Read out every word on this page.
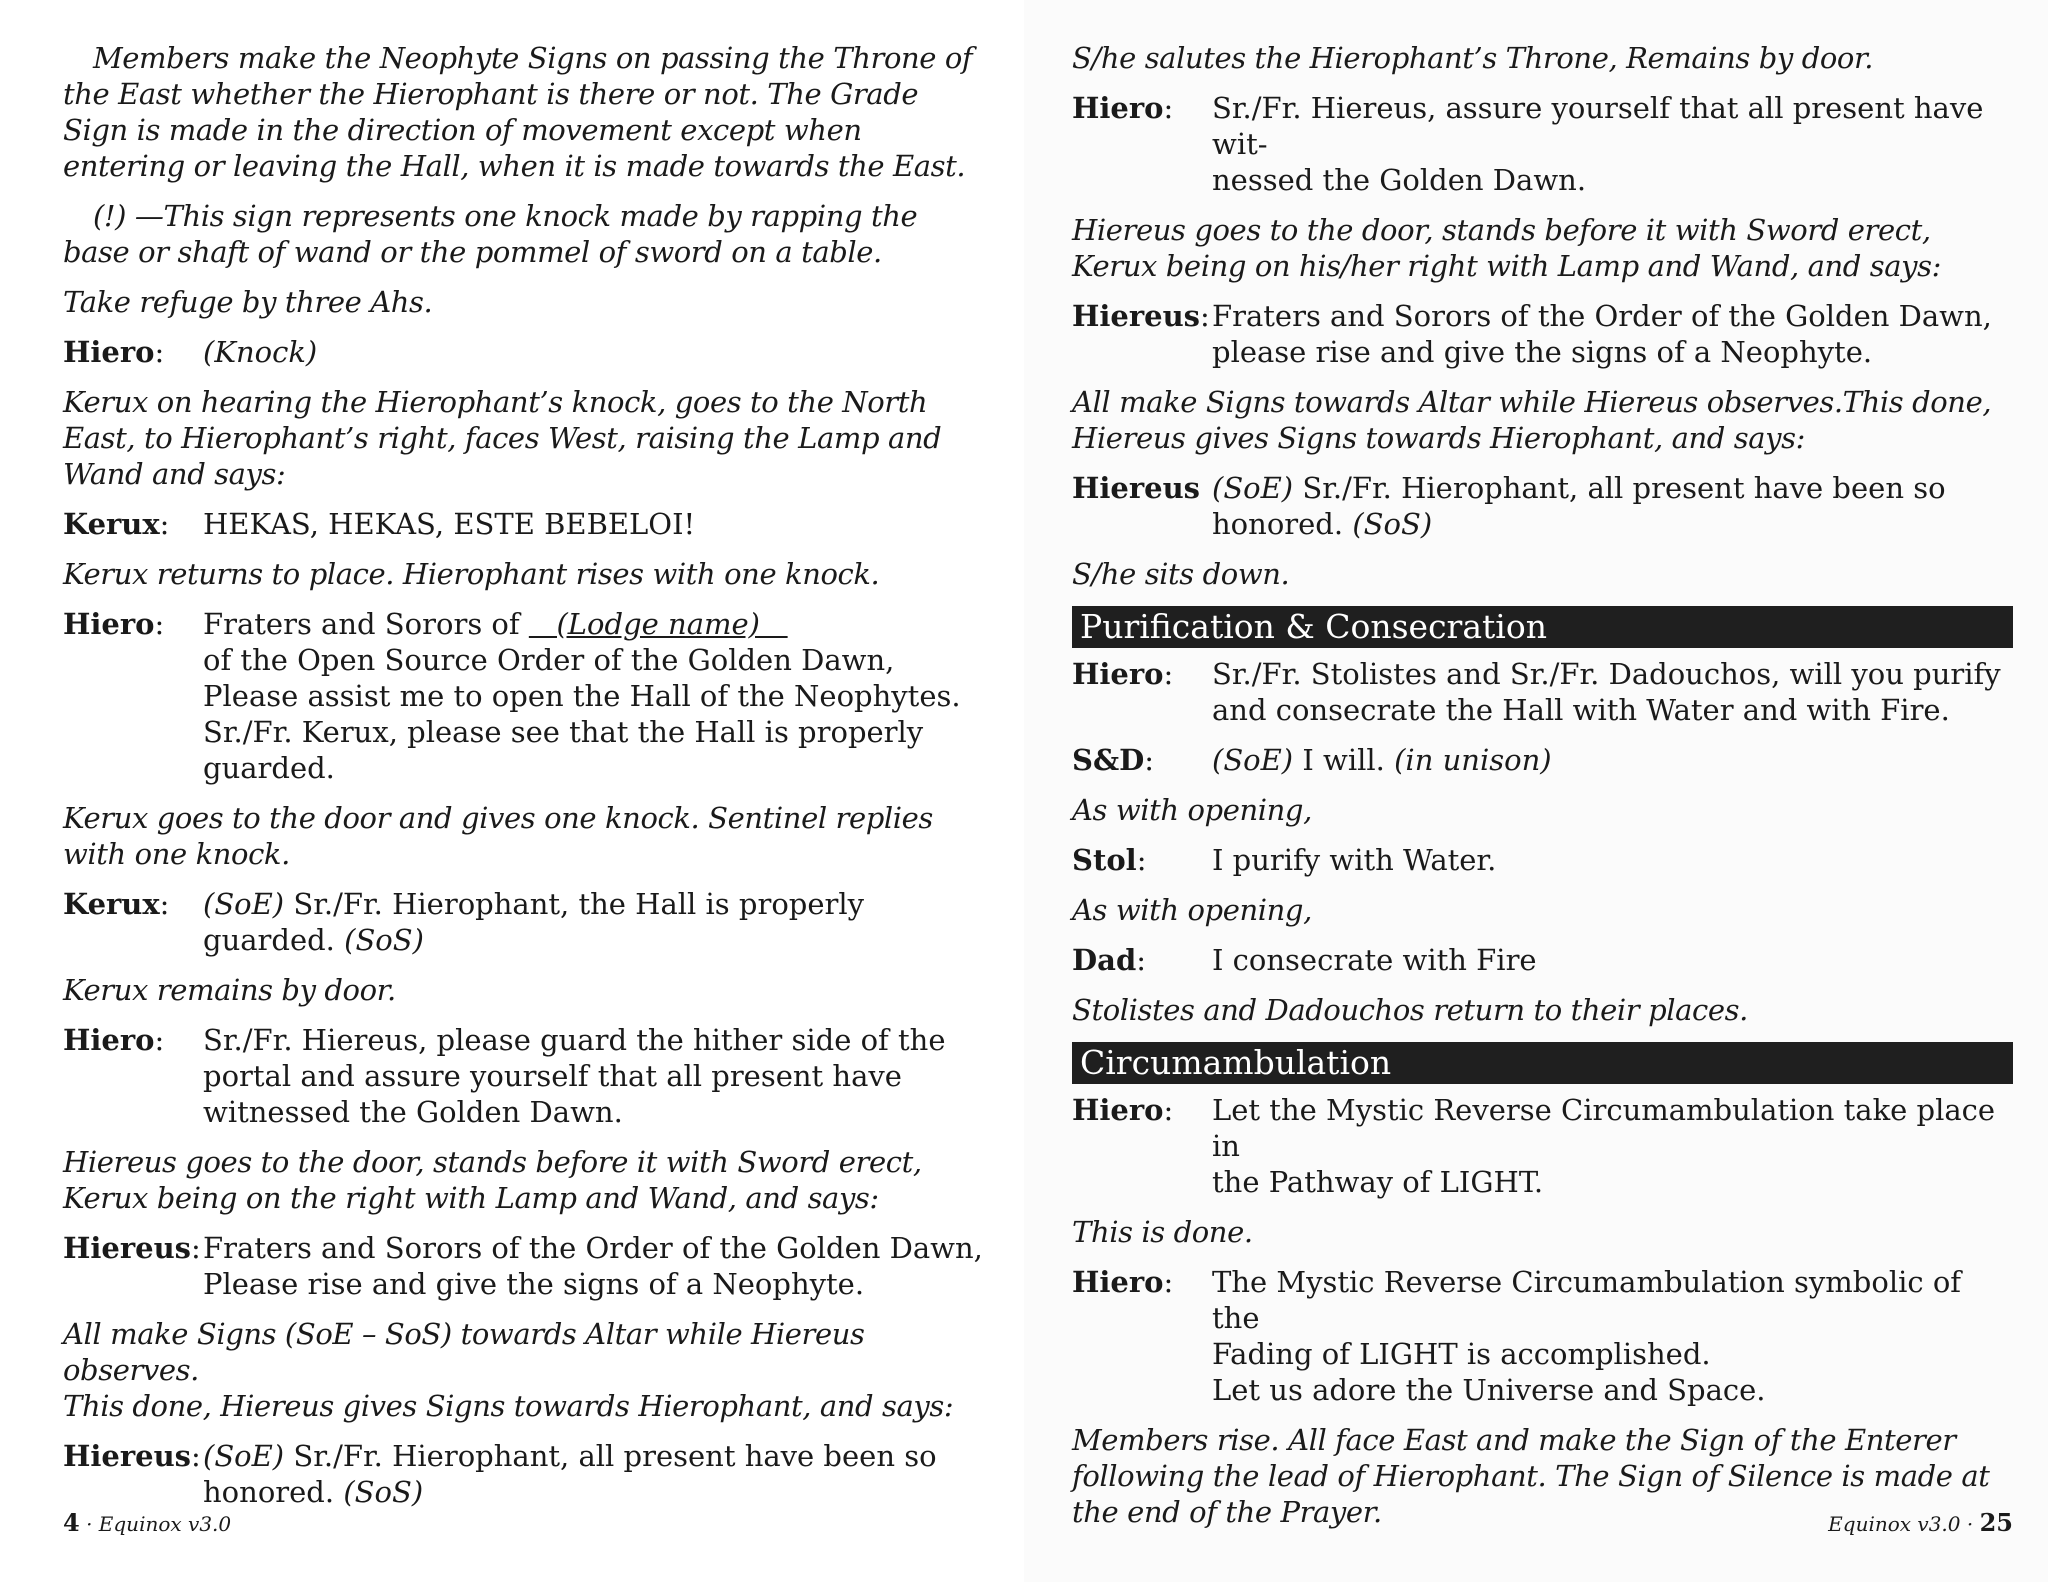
Members make the Neophyte Signs on passing the Throne of the East whether the Hierophant is there or not. The Grade Sign is made in the direction of movement except when entering or leaving the Hall, when it is made towards the East.

(!) —This sign represents one knock made by rapping the base or shaft of wand or the pommel of sword on a table.

Take refuge by three Ahs.

Hiero:	(Knock)

Kerux on hearing the Hierophant’s knock, goes to the North East, to Hierophant’s right, faces West, raising the Lamp and Wand and says:

Kerux:	HEKAS, HEKAS, ESTE BEBELOI!

Kerux returns to place. Hierophant rises with one knock.

Hiero:	Fraters and Sorors of    (Lodge name)
of the Open Source Order of the Golden Dawn,
Please assist me to open the Hall of the Neophytes.
Sr./Fr. Kerux, please see that the Hall is properly guarded.

Kerux goes to the door and gives one knock. Sentinel replies with one knock.

Kerux:	(SoE) Sr./Fr. Hierophant, the Hall is properly guarded. (SoS)

Kerux remains by door.

Hiero:	Sr./Fr. Hiereus, please guard the hither side of the
portal and assure yourself that all present have
witnessed the Golden Dawn.

Hiereus goes to the door, stands before it with Sword erect, Kerux being on the right with Lamp and Wand, and says:

Hiereus: Fraters and Sorors of the Order of the Golden Dawn,
Please rise and give the signs of a Neophyte.

All make Signs (SoE – SoS) towards Altar while Hiereus observes.
This done, Hiereus gives Signs towards Hierophant, and says:

Hiereus: (SoE) Sr./Fr. Hierophant, all present have been so
honored. (SoS)
4 · Equinox v3.0

S/he salutes the Hierophant’s Throne, Remains by door.

Hiero:	Sr./Fr. Hiereus, assure yourself that all present have wit-
nessed the Golden Dawn.

Hiereus goes to the door, stands before it with Sword erect, Kerux being on his/her right with Lamp and Wand, and says:

Hiereus: Fraters and Sorors of the Order of the Golden Dawn,
please rise and give the signs of a Neophyte.

All make Signs towards Altar while Hiereus observes.This done, Hiereus gives Signs towards Hierophant, and says:

Hiereus (SoE) Sr./Fr. Hierophant, all present have been so
honored. (SoS)

S/he sits down.

Purification & Consecration
Hiero:	Sr./Fr. Stolistes and Sr./Fr. Dadouchos, will you purify
and consecrate the Hall with Water and with Fire.
S&D:	(SoE) I will. (in unison)

As with opening,

Stol:	I purify with Water.

As with opening,

Dad:	I consecrate with Fire

Stolistes and Dadouchos return to their places.

Circumambulation
Hiero:	Let the Mystic Reverse Circumambulation take place in
the Pathway of LIGHT.

This is done.

Hiero:	The Mystic Reverse Circumambulation symbolic of the
Fading of LIGHT is accomplished.
Let us adore the Universe and Space.

Members rise. All face East and make the Sign of the Enterer following the lead of Hierophant. The Sign of Silence is made at the end of the Prayer.	Equinox v3.0 · 25
